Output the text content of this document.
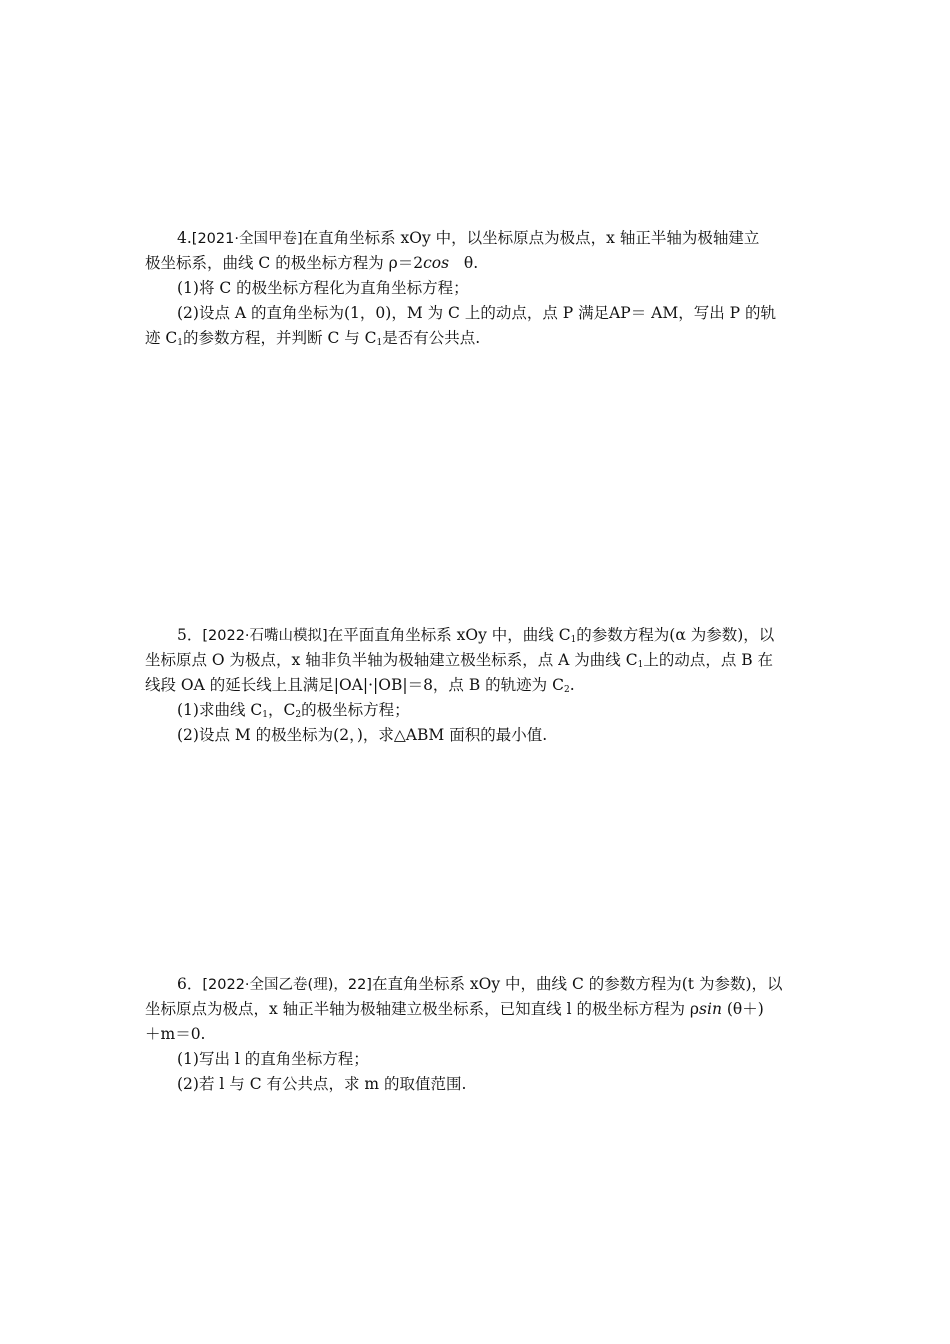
4.[2021·全国甲卷]在直角坐标系 xOy 中，以坐标原点为极点，x 轴正半轴为极轴建立
极坐标系，曲线 C 的极坐标方程为 ρ＝2cos θ.
(1)将 C 的极坐标方程化为直角坐标方程；
(2)设点 A 的直角坐标为(1，0)，M 为 C 上的动点，点 P 满足AP＝ AM，写出 P 的轨
迹 $C_1$的参数方程，并判断 C 与 $C_1$是否有公共点.
5．[2022·石嘴山模拟]在平面直角坐标系 xOy 中，曲线 $C_1$的参数方程为(α 为参数)，以
坐标原点 O 为极点，x 轴非负半轴为极轴建立极坐标系，点 A 为曲线 $C_1$上的动点，点 B 在
线段 OA 的延长线上且满足|OA|·|OB|＝8，点 B 的轨迹为 $C_2$.
(1)求曲线 $C_1$，$C_2$的极坐标方程；
(2)设点 M 的极坐标为(2，)，求△ABM 面积的最小值.
6．[2022·全国乙卷(理)，22]在直角坐标系 xOy 中，曲线 C 的参数方程为(t 为参数)，以
坐标原点为极点，x 轴正半轴为极轴建立极坐标系，已知直线 l 的极坐标方程为 ρsin (θ＋)
＋m＝0.
(1)写出 l 的直角坐标方程；
(2)若 l 与 C 有公共点，求 m 的取值范围.
